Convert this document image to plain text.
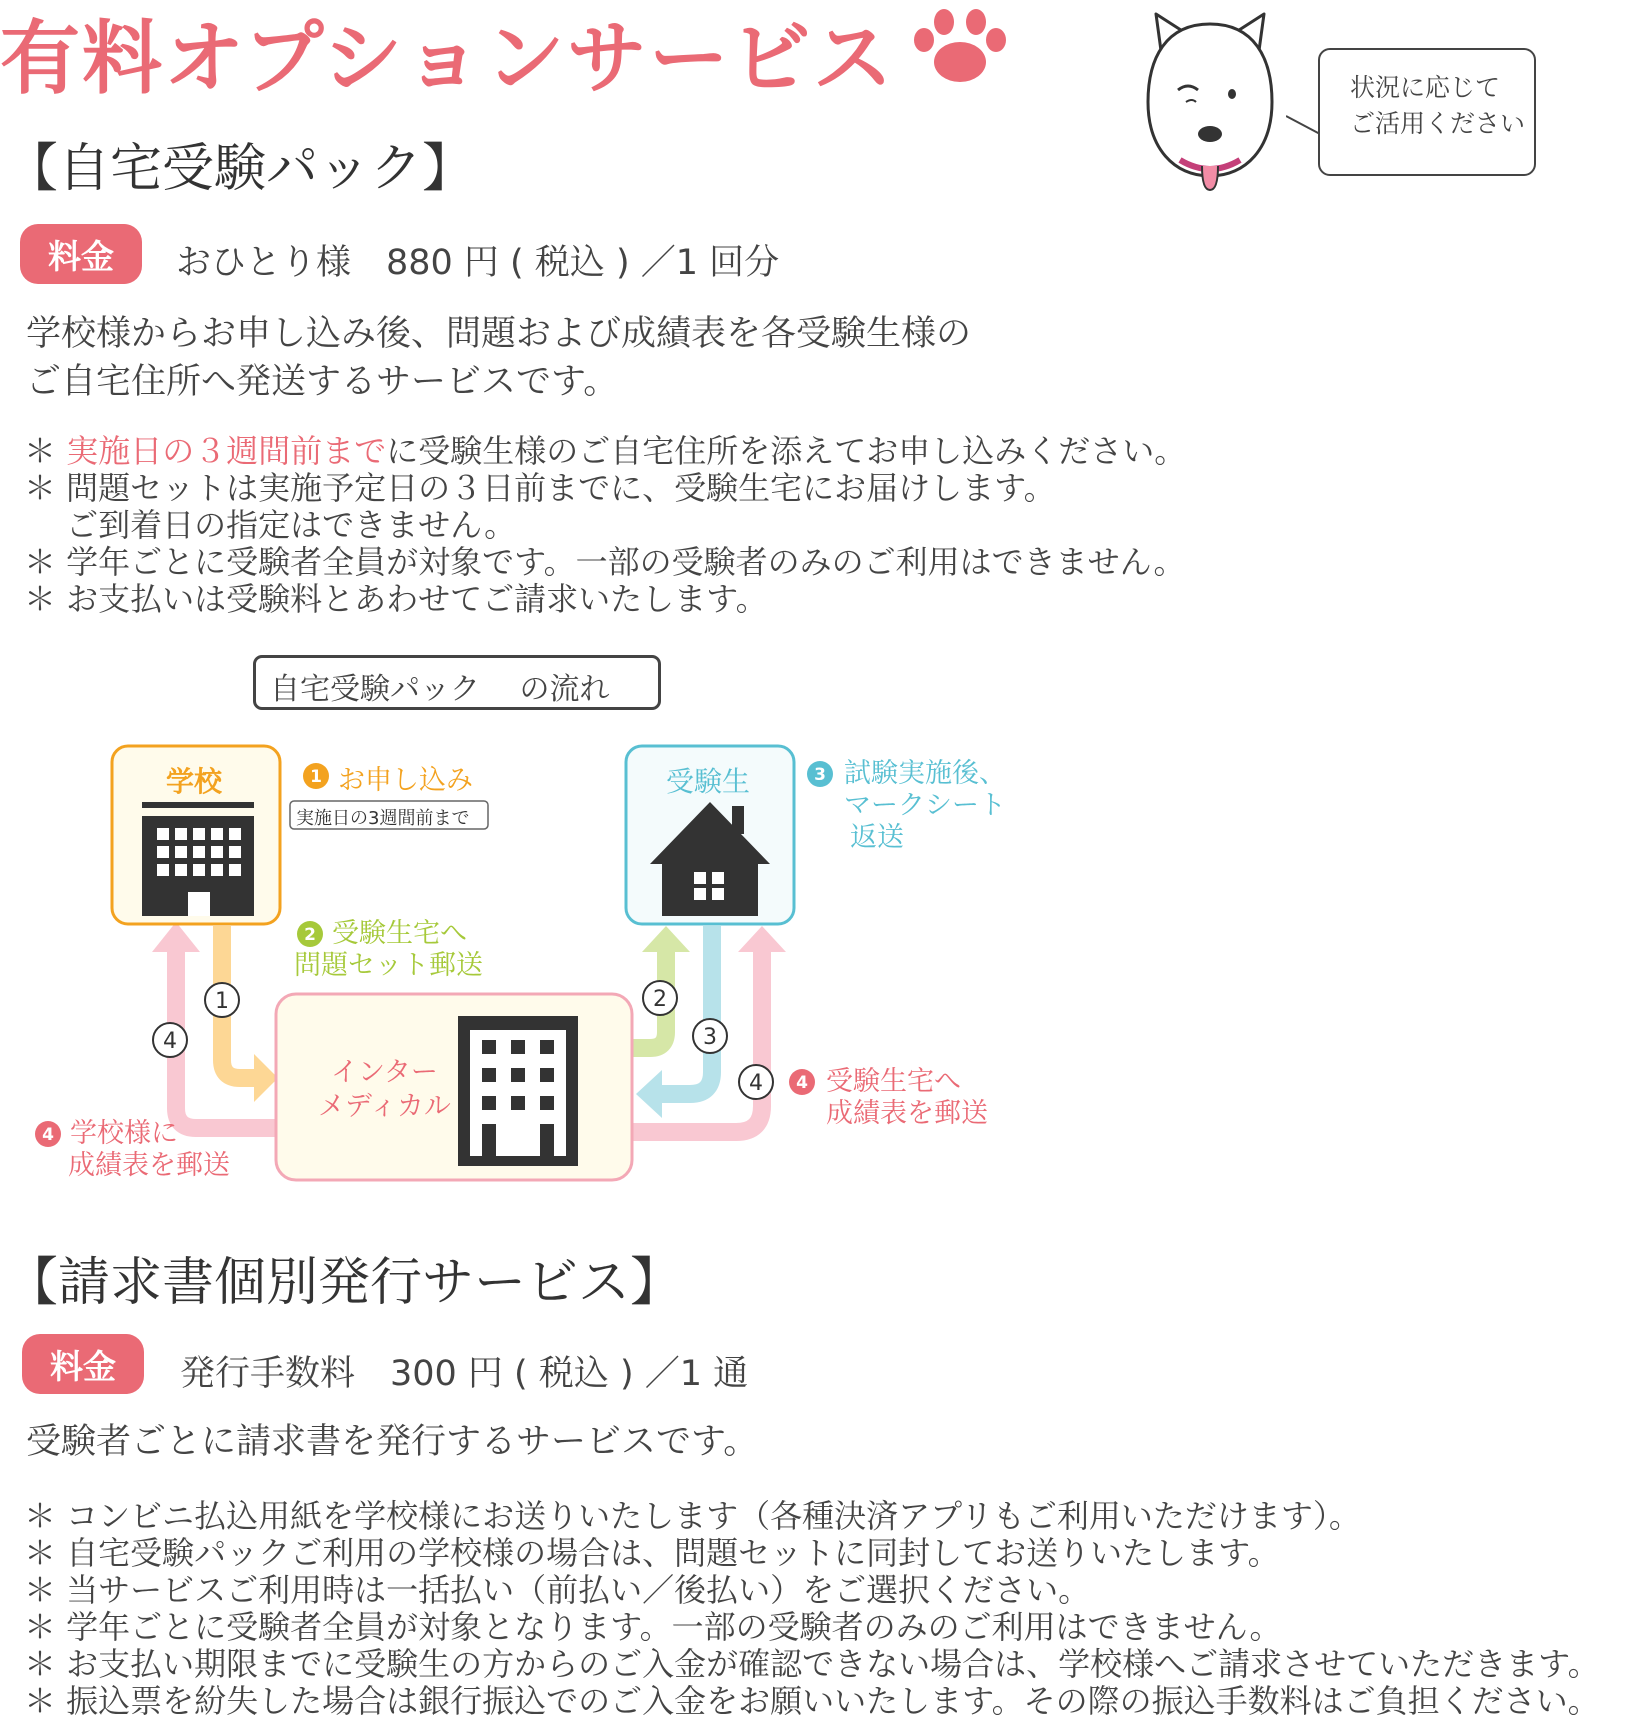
有料オプションサービス	状況に応じて
ご活用ください
【自宅受験パック】
料金	おひとり様　880 円 ( 税込 ) ／1 回分
学校様からお申し込み後、問題および成績表を各受験生様の
ご自宅住所へ発送するサービスです。
＊ 実施日の３週間前までに受験生様のご自宅住所を添えてお申し込みください。
＊ 問題セットは実施予定日の３日前までに、受験生宅にお届けします。
　 ご到着日の指定はできません。
＊ 学年ごとに受験者全員が対象です。一部の受験者のみのご利用はできません。
＊ お支払いは受験料とあわせてご請求いたします。
自宅受験パック　 の流れ
1
4
2
3
4
1
2
3
4
4
学校	受験生
インター
メディカル
お申し込み
実施日の3週間前まで
受験生宅へ
問題セット郵送
試験実施後、
マークシート
返送
受験生宅へ
成績表を郵送
学校様に
成績表を郵送
【請求書個別発行サービス】
料金	発行手数料　300 円 ( 税込 ) ／1 通
受験者ごとに請求書を発行するサービスです。
＊ コンビニ払込用紙を学校様にお送りいたします（各種決済アプリもご利用いただけます）。
＊ 自宅受験パックご利用の学校様の場合は、問題セットに同封してお送りいたします。
＊ 当サービスご利用時は一括払い（前払い／後払い）をご選択ください。
＊ 学年ごとに受験者全員が対象となります。一部の受験者のみのご利用はできません。
＊ お支払い期限までに受験生の方からのご入金が確認できない場合は、学校様へご請求させていただきます。
＊ 振込票を紛失した場合は銀行振込でのご入金をお願いいたします。その際の振込手数料はご負担ください。
